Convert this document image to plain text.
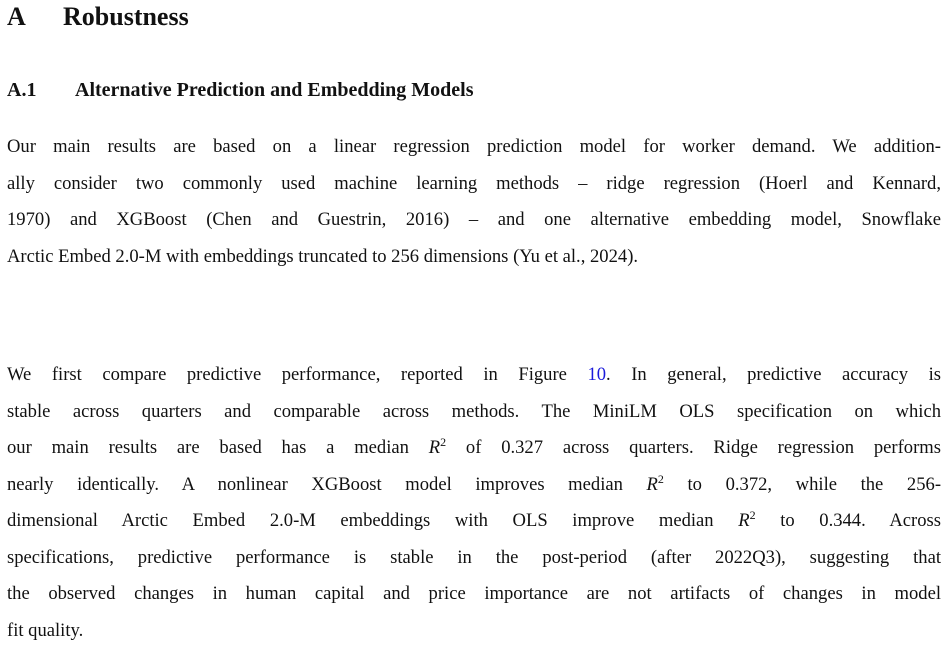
A Robustness
A.1 Alternative Prediction and Embedding Models

Our main results are based on a linear regression prediction model for worker demand. We addition-
ally consider two commonly used machine learning methods – ridge regression (Hoerl and Kennard,
1970) and XGBoost (Chen and Guestrin, 2016) – and one alternative embedding model, Snowflake
Arctic Embed 2.0-M with embeddings truncated to 256 dimensions (Yu et al., 2024).

We first compare predictive performance, reported in Figure 10. In general, predictive accuracy is
stable across quarters and comparable across methods. The MiniLM OLS specification on which
our main results are based has a median $R^2$ of 0.327 across quarters. Ridge regression performs
nearly identically. A nonlinear XGBoost model improves median $R^2$ to 0.372, while the 256-
dimensional Arctic Embed 2.0-M embeddings with OLS improve median $R^2$ to 0.344. Across
specifications, predictive performance is stable in the post-period (after 2022Q3), suggesting that
the observed changes in human capital and price importance are not artifacts of changes in model
fit quality.
